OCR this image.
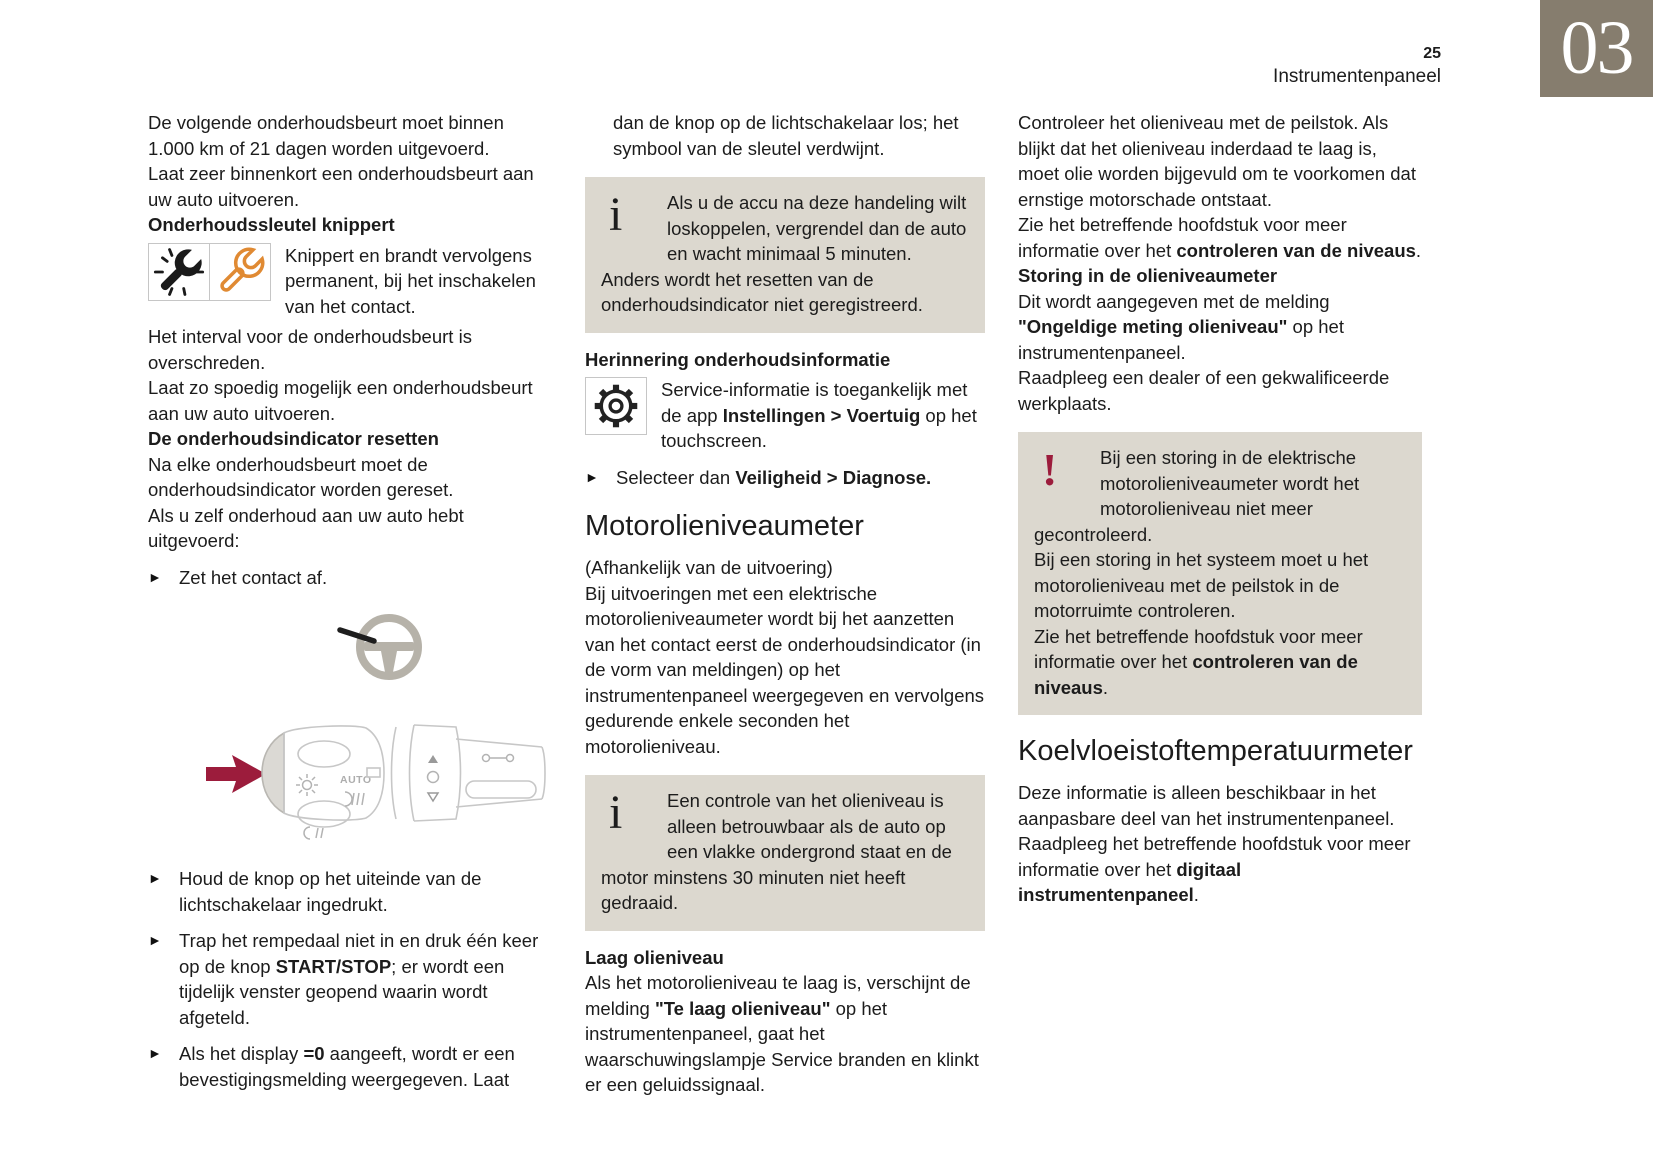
03
25
Instrumentenpaneel
De volgende onderhoudsbeurt moet binnen 1.000 km of 21 dagen worden uitgevoerd.
Laat zeer binnenkort een onderhoudsbeurt aan uw auto uitvoeren.
Onderhoudssleutel knippert
Knippert en brandt vervolgens permanent, bij het inschakelen van het contact.
Het interval voor de onderhoudsbeurt is overschreden.
Laat zo spoedig mogelijk een onderhoudsbeurt aan uw auto uitvoeren.
De onderhoudsindicator resetten
Na elke onderhoudsbeurt moet de onderhoudsindicator worden gereset.
Als u zelf onderhoud aan uw auto hebt uitgevoerd:
► Zet het contact af.
AUTO
► Houd de knop op het uiteinde van de lichtschakelaar ingedrukt.
► Trap het rempedaal niet in en druk één keer op de knop START/STOP; er wordt een tijdelijk venster geopend waarin wordt afgeteld.
► Als het display =0 aangeeft, wordt er een bevestigingsmelding weergegeven. Laat
dan de knop op de lichtschakelaar los; het symbool van de sleutel verdwijnt.
i	Als u de accu na deze handeling wilt loskoppelen, vergrendel dan de auto en wacht minimaal 5 minuten.
Anders wordt het resetten van de onderhoudsindicator niet geregistreerd.
Herinnering onderhoudsinformatie
Service-informatie is toegankelijk met de app Instellingen > Voertuig op het touchscreen.
► Selecteer dan Veiligheid > Diagnose.
Motorolieniveaumeter
(Afhankelijk van de uitvoering)
Bij uitvoeringen met een elektrische motorolieniveaumeter wordt bij het aanzetten van het contact eerst de onderhoudsindicator (in de vorm van meldingen) op het instrumentenpaneel weergegeven en vervolgens gedurende enkele seconden het motorolieniveau.
i	Een controle van het olieniveau is alleen betrouwbaar als de auto op een vlakke ondergrond staat en de motor minstens 30 minuten niet heeft gedraaid.
Laag olieniveau
Als het motorolieniveau te laag is, verschijnt de melding "Te laag olieniveau" op het instrumentenpaneel, gaat het waarschuwingslampje Service branden en klinkt er een geluidssignaal.
Controleer het olieniveau met de peilstok. Als blijkt dat het olieniveau inderdaad te laag is, moet olie worden bijgevuld om te voorkomen dat ernstige motorschade ontstaat.
Zie het betreffende hoofdstuk voor meer informatie over het controleren van de niveaus.
Storing in de olieniveaumeter
Dit wordt aangegeven met de melding "Ongeldige meting olieniveau" op het instrumentenpaneel.
Raadpleeg een dealer of een gekwalificeerde werkplaats.
!	Bij een storing in de elektrische motorolieniveaumeter wordt het motorolieniveau niet meer gecontroleerd.
Bij een storing in het systeem moet u het motorolieniveau met de peilstok in de motorruimte controleren.
Zie het betreffende hoofdstuk voor meer informatie over het controleren van de niveaus.
Koelvloeistoftemperatuurmeter
Deze informatie is alleen beschikbaar in het aanpasbare deel van het instrumentenpaneel. Raadpleeg het betreffende hoofdstuk voor meer informatie over het digitaal instrumentenpaneel.
